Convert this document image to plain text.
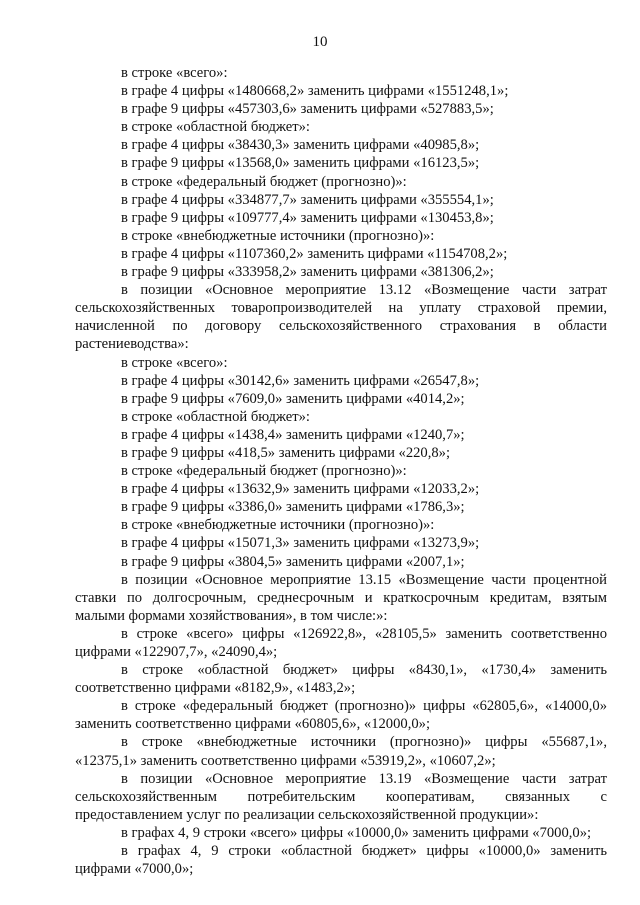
10

в строке «всего»:

в графе 4 цифры «1480668,2» заменить цифрами «1551248,1»;

в графе 9 цифры «457303,6» заменить цифрами «527883,5»;

в строке «областной бюджет»:

в графе 4 цифры «38430,3» заменить цифрами «40985,8»;

в графе 9 цифры «13568,0» заменить цифрами «16123,5»;

в строке «федеральный бюджет (прогнозно)»:

в графе 4 цифры «334877,7» заменить цифрами «355554,1»;

в графе 9 цифры «109777,4» заменить цифрами «130453,8»;

в строке «внебюджетные источники (прогнозно)»:

в графе 4 цифры «1107360,2» заменить цифрами «1154708,2»;

в графе 9 цифры «333958,2» заменить цифрами «381306,2»;

в позиции «Основное мероприятие 13.12 «Возмещение части затрат сельскохозяйственных товаропроизводителей на уплату страховой премии, начисленной по договору сельскохозяйственного страхования в области растениеводства»:

в строке «всего»:

в графе 4 цифры «30142,6» заменить цифрами «26547,8»;

в графе 9 цифры «7609,0» заменить цифрами «4014,2»;

в строке «областной бюджет»:

в графе 4 цифры «1438,4» заменить цифрами «1240,7»;

в графе 9 цифры «418,5» заменить цифрами «220,8»;

в строке «федеральный бюджет (прогнозно)»:

в графе 4 цифры «13632,9» заменить цифрами «12033,2»;

в графе 9 цифры «3386,0» заменить цифрами «1786,3»;

в строке «внебюджетные источники (прогнозно)»:

в графе 4 цифры «15071,3» заменить цифрами «13273,9»;

в графе 9 цифры «3804,5» заменить цифрами «2007,1»;

в позиции «Основное мероприятие 13.15 «Возмещение части процентной ставки по долгосрочным, среднесрочным и краткосрочным кредитам, взятым малыми формами хозяйствования», в том числе:»:

в строке «всего» цифры «126922,8», «28105,5» заменить соответственно цифрами «122907,7», «24090,4»;

в строке «областной бюджет» цифры «8430,1», «1730,4» заменить соответственно цифрами «8182,9», «1483,2»;

в строке «федеральный бюджет (прогнозно)» цифры «62805,6», «14000,0» заменить соответственно цифрами «60805,6», «12000,0»;

в строке «внебюджетные источники (прогнозно)» цифры «55687,1», «12375,1» заменить соответственно цифрами «53919,2», «10607,2»;

в позиции «Основное мероприятие 13.19 «Возмещение части затрат сельскохозяйственным потребительским кооперативам, связанных с предоставлением услуг по реализации сельскохозяйственной продукции»:

в графах 4, 9 строки «всего» цифры «10000,0» заменить цифрами «7000,0»;

в графах 4, 9 строки «областной бюджет» цифры «10000,0» заменить цифрами «7000,0»;
